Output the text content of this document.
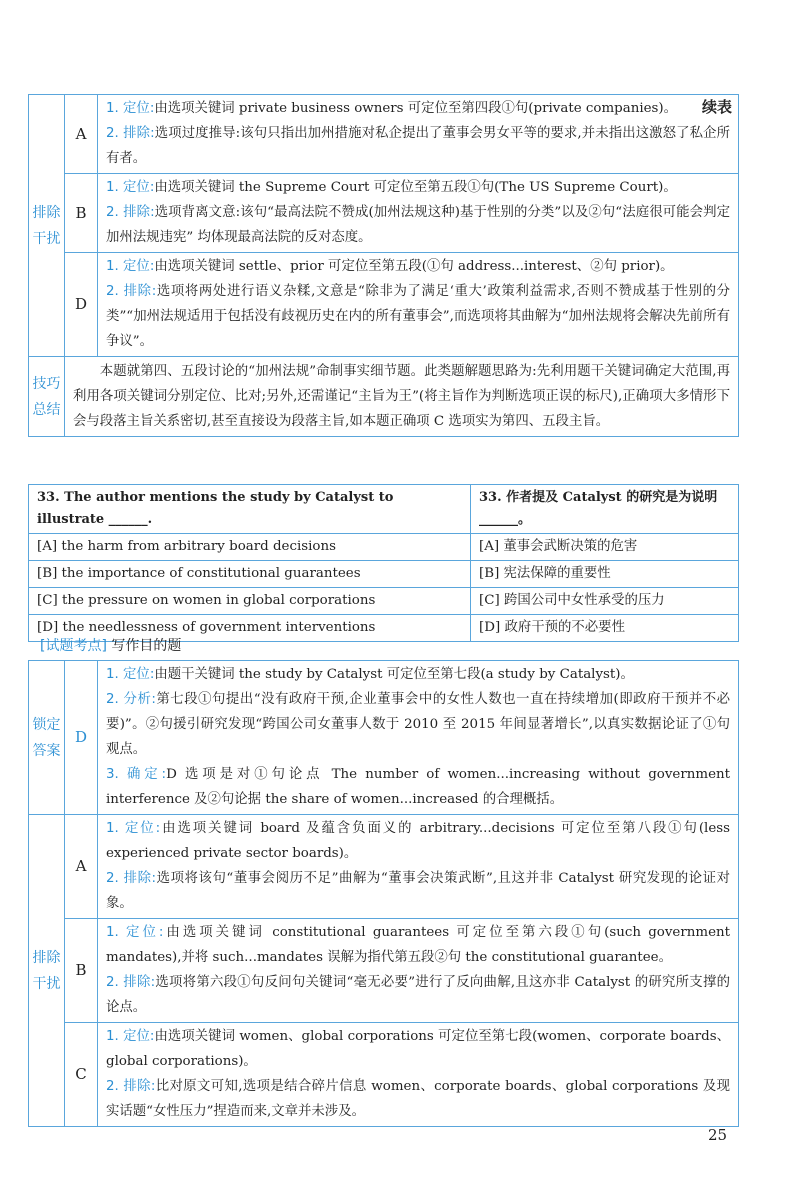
续表
排除干扰	A	1. 定位:由选项关键词 private business owners 可定位至第四段①句(private companies)。
2. 排除:选项过度推导:该句只指出加州措施对私企提出了董事会男女平等的要求,并未指出这激怒了私企所有者。

	B	1. 定位:由选项关键词 the Supreme Court 可定位至第五段①句(The US Supreme Court)。
2. 排除:选项背离文意:该句“最高法院不赞成(加州法规这种)基于性别的分类”以及②句“法庭很可能会判定加州法规违宪” 均体现最高法院的反对态度。

	D	1. 定位:由选项关键词 settle、prior 可定位至第五段(①句 address...interest、②句 prior)。
2. 排除:选项将两处进行语义杂糅,文意是“除非为了满足‘重大’政策利益需求,否则不赞成基于性别的分类”“加州法规适用于包括没有歧视历史在内的所有董事会”,而选项将其曲解为“加州法规将会解决先前所有争议”。

技巧总结	本题就第四、五段讨论的“加州法规”命制事实细节题。此类题解题思路为:先利用题干关键词确定大范围,再利用各项关键词分别定位、比对;另外,还需谨记“主旨为王”(将主旨作为判断选项正误的标尺),正确项大多情形下会与段落主旨关系密切,甚至直接设为段落主旨,如本题正确项 C 选项实为第四、五段主旨。	
33. The author mentions the study by Catalyst to illustrate ______.	33. 作者提及 Catalyst 的研究是为说明______。
[A] the harm from arbitrary board decisions	[A] 董事会武断决策的危害
[B] the importance of constitutional guarantees	[B] 宪法保障的重要性
[C] the pressure on women in global corporations	[C] 跨国公司中女性承受的压力
[D] the needlessness of government interventions	[D] 政府干预的不必要性
[试题考点] 写作目的题
锁定答案	D	1. 定位:由题干关键词 the study by Catalyst 可定位至第七段(a study by Catalyst)。
2. 分析:第七段①句提出“没有政府干预,企业董事会中的女性人数也一直在持续增加(即政府干预并不必要)”。②句援引研究发现“跨国公司女董事人数于 2010 至 2015 年间显著增长”,以真实数据论证了①句观点。
3. 确定:D 选项是对①句论点 The number of women...increasing without government interference 及②句论据 the share of women...increased 的合理概括。

排除干扰	A	1. 定位:由选项关键词 board 及蕴含负面义的 arbitrary...decisions 可定位至第八段①句(less experienced private sector boards)。
2. 排除:选项将该句“董事会阅历不足”曲解为“董事会决策武断”,且这并非 Catalyst 研究发现的论证对象。

	B	1. 定位:由选项关键词 constitutional guarantees 可定位至第六段①句(such government mandates),并将 such...mandates 误解为指代第五段②句 the constitutional guarantee。
2. 排除:选项将第六段①句反问句关键词“毫无必要”进行了反向曲解,且这亦非 Catalyst 的研究所支撑的论点。

	C	1. 定位:由选项关键词 women、global corporations 可定位至第七段(women、corporate boards、global corporations)。
2. 排除:比对原文可知,选项是结合碎片信息 women、corporate boards、global corporations 及现实话题“女性压力”捏造而来,文章并未涉及。
25
